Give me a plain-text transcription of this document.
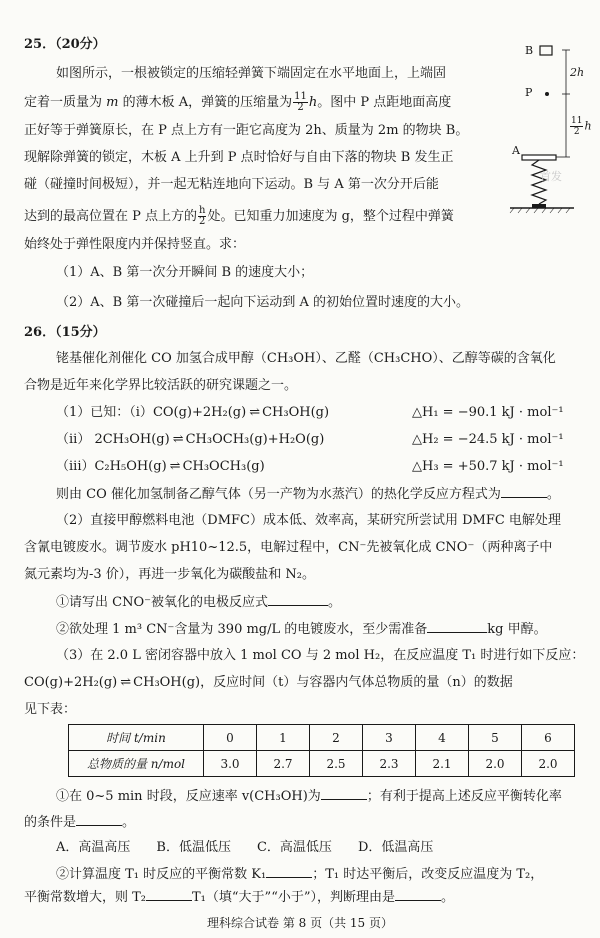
25．（20分）
如图所示，一根被锁定的压缩轻弹簧下端固定在水平地面上，上端固
定着一质量为 m 的薄木板 A，弹簧的压缩量为 $\frac{11}{2}$ h。图中 P 点距地面高度
正好等于弹簧原长，在 P 点上方有一距它高度为 2h、质量为 2m 的物块 B。
现解除弹簧的锁定，木板 A 上升到 P 点时恰好与自由下落的物块 B 发生正
碰（碰撞时间极短），并一起无粘连地向下运动。B 与 A 第一次分开后能
达到的最高位置在 P 点上方的 $\frac{h}{2}$ 处。已知重力加速度为 g，整个过程中弹簧
始终处于弹性限度内并保持竖直。求：
（1）A、B 第一次分开瞬间 B 的速度大小；
（2）A、B 第一次碰撞后一起向下运动到 A 的初始位置时速度的大小。
B
P
A
2h
$\frac{11}{2}$ h
首发
26．（15分）
铑基催化剂催化 CO 加氢合成甲醇（CH₃OH）、乙醛（CH₃CHO）、乙醇等碳的含氧化
合物是近年来化学界比较活跃的研究课题之一。
（1）已知：（i）CO(g)+2H₂(g) ⇌ CH₃OH(g)	△H₁ = −90.1 kJ · mol⁻¹
（ii） 2CH₃OH(g) ⇌ CH₃OCH₃(g)+H₂O(g)	△H₂ = −24.5 kJ · mol⁻¹
（iii）C₂H₅OH(g) ⇌ CH₃OCH₃(g)	△H₃ = +50.7 kJ · mol⁻¹
则由 CO 催化加氢制备乙醇气体（另一产物为水蒸汽）的热化学反应方程式为	。
（2）直接甲醇燃料电池（DMFC）成本低、效率高，某研究所尝试用 DMFC 电解处理
含氰电镀废水。调节废水 pH10~12.5，电解过程中，CN⁻先被氧化成 CNO⁻（两种离子中
氮元素均为-3 价），再进一步氧化为碳酸盐和 N₂。
①请写出 CNO⁻被氧化的电极反应式	。
②欲处理 1 m³ CN⁻含量为 390 mg/L 的电镀废水，至少需准备	kg 甲醇。
（3）在 2.0 L 密闭容器中放入 1 mol CO 与 2 mol H₂，在反应温度 T₁ 时进行如下反应：
CO(g)+2H₂(g) ⇌ CH₃OH(g)，反应时间（t）与容器内气体总物质的量（n）的数据
见下表：
时间 t/min	0	1	2	3	4	5	6
总物质的量 n/mol	3.0	2.7	2.5	2.3	2.1	2.0	2.0
①在 0~5 min 时段，反应速率 v(CH₃OH)为	；有利于提高上述反应平衡转化率
的条件是	。
A．高温高压　　 B．低温低压　　 C．高温低压　　 D．低温高压
②计算温度 T₁ 时反应的平衡常数 K₁	；T₁ 时达平衡后，改变反应温度为 T₂，
平衡常数增大，则 T₂	T₁（填“大于”“小于”），判断理由是	。
理科综合试卷 第 8 页（共 15 页）
